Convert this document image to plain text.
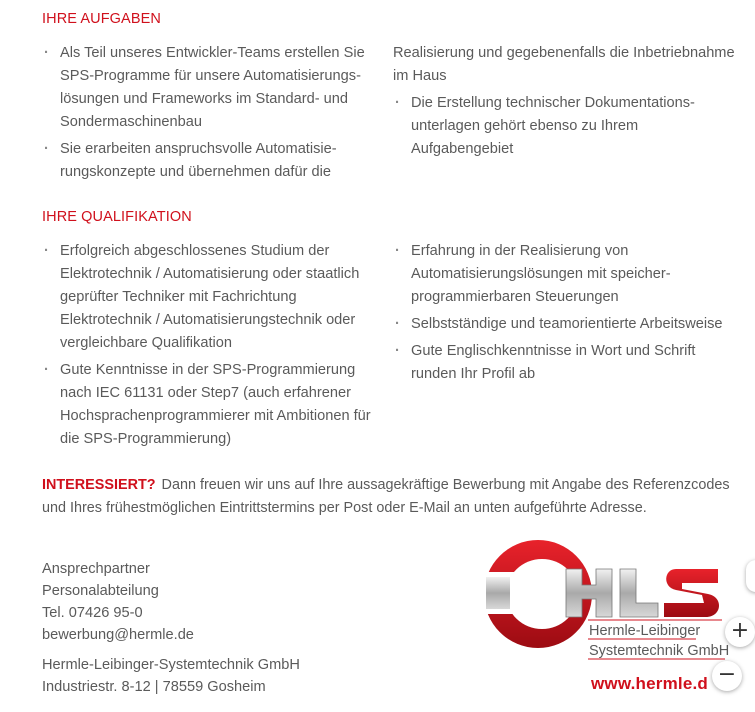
IHRE AUFGABEN
· Als Teil unseres Entwickler-Teams erstellen Sie SPS-Programme für unsere Automatisierungslösungen und Frameworks im Standard- und Sondermaschinenbau
· Sie erarbeiten anspruchsvolle Automatisierungskonzepte und übernehmen dafür die
Realisierung und gegebenenfalls die Inbetriebnahme im Haus
· Die Erstellung technischer Dokumentationsunterlagen gehört ebenso zu Ihrem Aufgabengebiet
IHRE QUALIFIKATION
· Erfolgreich abgeschlossenes Studium der Elektrotechnik / Automatisierung oder staatlich geprüfter Techniker mit Fachrichtung Elektrotechnik / Automatisierungstechnik oder vergleichbare Qualifikation
· Gute Kenntnisse in der SPS-Programmierung nach IEC 61131 oder Step7 (auch erfahrener Hochsprachenprogrammierer mit Ambitionen für die SPS-Programmierung)
· Erfahrung in der Realisierung von Automatisierungslösungen mit speicherprogrammierbaren Steuerungen
· Selbstständige und teamorientierte Arbeitsweise
· Gute Englischkenntnisse in Wort und Schrift runden Ihr Profil ab
INTERESSIERT? Dann freuen wir uns auf Ihre aussagekräftige Bewerbung mit Angabe des Referenzcodes und Ihres frühestmöglichen Eintrittstermins per Post oder E-Mail an unten aufgeführte Adresse.
Ansprechpartner
Personalabteilung
Tel. 07426 95-0
bewerbung@hermle.de
Hermle-Leibinger-Systemtechnik GmbH
Industriestr. 8-12 | 78559 Gosheim
Hermle-Leibinger
Systemtechnik GmbH
www.hermle.d
+
−
